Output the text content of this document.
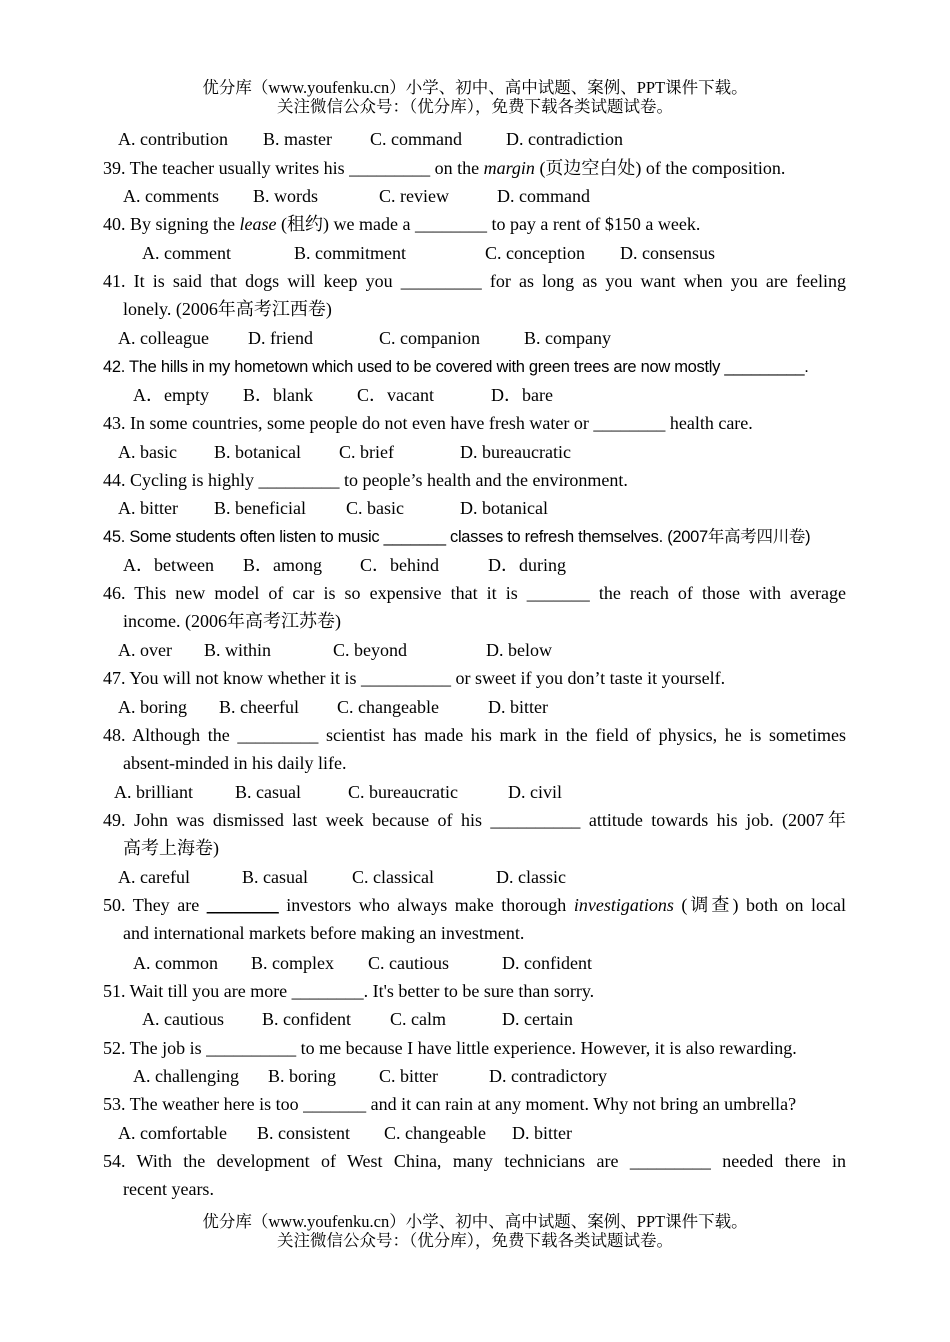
优分库（www.youfenku.cn）小学、初中、高中试题、案例、PPT课件下载。
关注微信公众号：（优分库），免费下载各类试题试卷。
A. contribution B. master C. command D. contradiction
39. The teacher usually writes his _________ on the margin (页边空白处) of the composition.
A. comments B. words	C. review	D. command
40. By signing the lease (租约) we made a ________ to pay a rent of $150 a week.
A. comment	B. commitment	C. conception D. consensus
41. It is said that dogs will keep you _________ for as long as you want when you are feeling
lonely. (2006年高考江西卷)
A. colleague D. friend	C. companion B. company
42. The hills in my hometown which used to be covered with green trees are now mostly _________.
A．empty B．blank C．vacant	D．bare
43. In some countries, some people do not even have fresh water or ________ health care.
A. basic B. botanical C. brief	D. bureaucratic
44. Cycling is highly _________ to people’s health and the environment.
A. bitter B. beneficial C. basic	D. botanical
45. Some students often listen to music _______ classes to refresh themselves. (2007年高考四川卷)
A．between B．among C．behind	D．during
46. This new model of car is so expensive that it is _______ the reach of those with average
income. (2006年高考江苏卷)
A. over B. within	C. beyond	D. below
47. You will not know whether it is __________ or sweet if you don’t taste it yourself.
A. boring B. cheerful C. changeable	D. bitter
48. Although the _________ scientist has made his mark in the field of physics, he is sometimes
absent-minded in his daily life.
A. brilliant B. casual	C. bureaucratic	D. civil
49. John was dismissed last week because of his __________ attitude towards his job. (2007年
高考上海卷)
A. careful	B. casual C. classical	D. classic
50. They are ________ investors who always make thorough investigations (调查) both on local
and international markets before making an investment.
A. common B. complex C. cautious	D. confident
51. Wait till you are more ________. It's better to be sure than sorry.
A. cautious B. confident C. calm	D. certain
52. The job is __________ to me because I have little experience. However, it is also rewarding.
A. challenging B. boring C. bitter	D. contradictory
53. The weather here is too _______ and it can rain at any moment. Why not bring an umbrella?
A. comfortable B. consistent C. changeable D. bitter
54. With the development of West China, many technicians are _________ needed there in
recent years.
优分库（www.youfenku.cn）小学、初中、高中试题、案例、PPT课件下载。
关注微信公众号：（优分库），免费下载各类试题试卷。
